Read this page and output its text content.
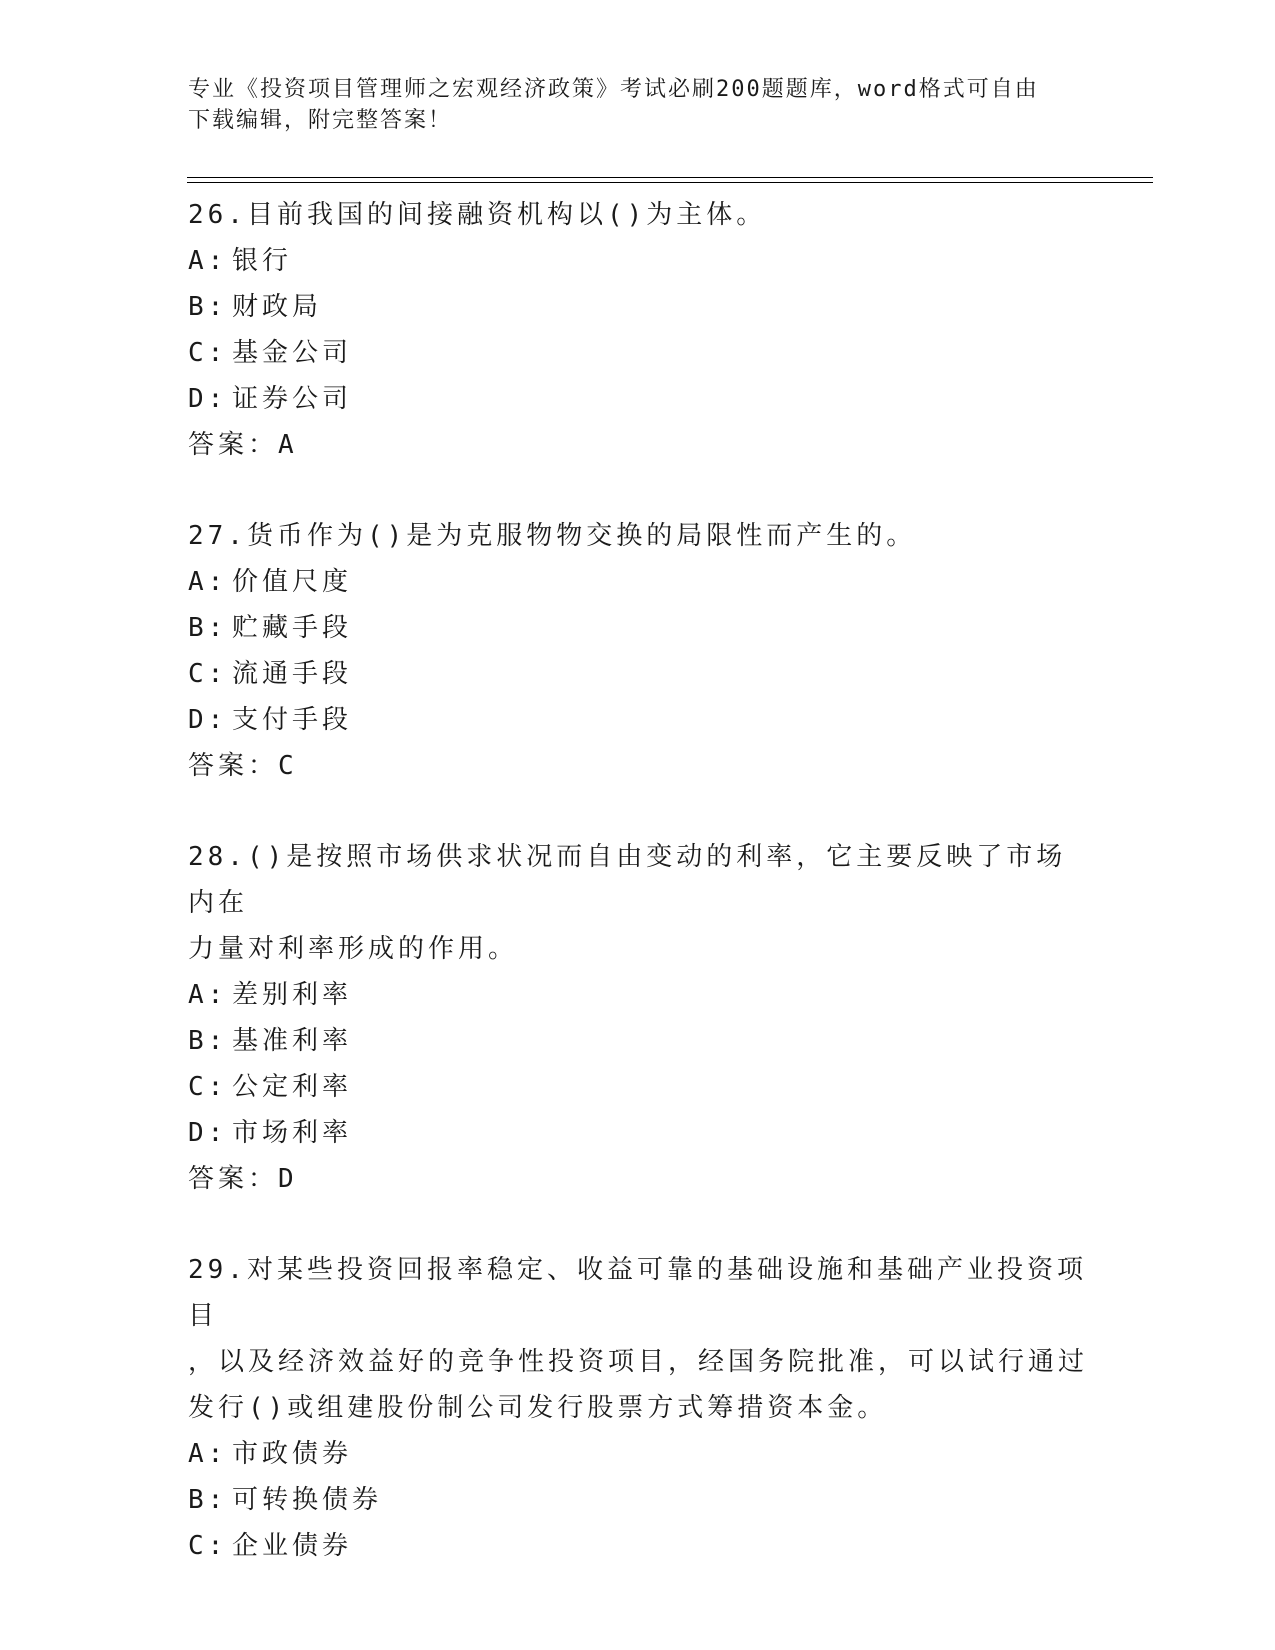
专业《投资项目管理师之宏观经济政策》考试必刷200题题库，word格式可自由
下载编辑，附完整答案！
26.目前我国的间接融资机构以()为主体。
A: 银行
B: 财政局
C: 基金公司
D: 证券公司
答案：A
27.货币作为()是为克服物物交换的局限性而产生的。
A: 价值尺度
B: 贮藏手段
C: 流通手段
D: 支付手段
答案：C
28.()是按照市场供求状况而自由变动的利率，它主要反映了市场内在
力量对利率形成的作用。
A: 差别利率
B: 基准利率
C: 公定利率
D: 市场利率
答案：D
29.对某些投资回报率稳定、收益可靠的基础设施和基础产业投资项目
，以及经济效益好的竞争性投资项目，经国务院批准，可以试行通过
发行()或组建股份制公司发行股票方式筹措资本金。
A: 市政债券
B: 可转换债券
C: 企业债券
